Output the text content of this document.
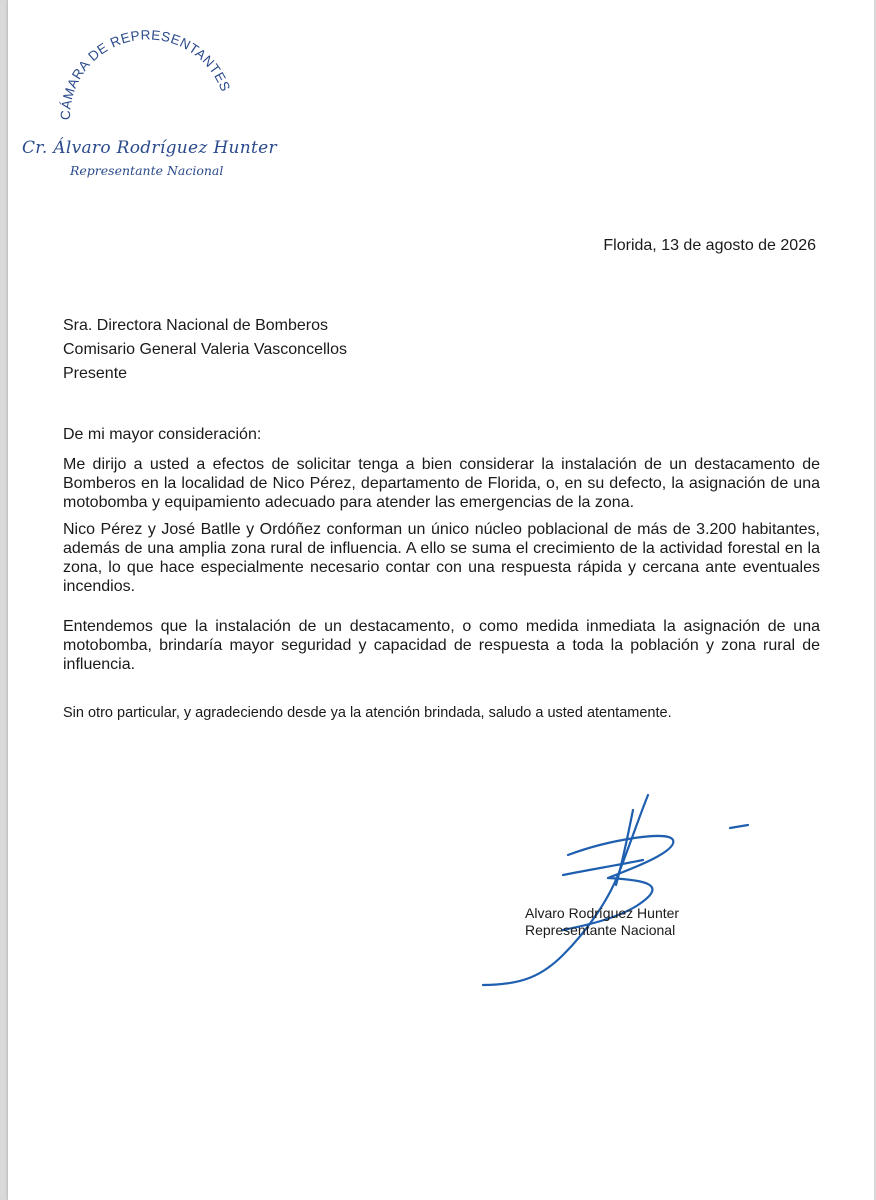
CÁMARA DE REPRESENTANTES
Cr. Álvaro Rodríguez Hunter
Representante Nacional
Florida, 13 de agosto de 2026
Sra. Directora Nacional de Bomberos
Comisario General Valeria Vasconcellos
Presente
De mi mayor consideración:

Me dirijo a usted a efectos de solicitar tenga a bien considerar la instalación de un destacamento de Bomberos en la localidad de Nico Pérez, departamento de Florida, o, en su defecto, la asignación de una motobomba y equipamiento adecuado para atender las emergencias de la zona.

Nico Pérez y José Batlle y Ordóñez conforman un único núcleo poblacional de más de 3.200 habitantes, además de una amplia zona rural de influencia. A ello se suma el crecimiento de la actividad forestal en la zona, lo que hace especialmente necesario contar con una respuesta rápida y cercana ante eventuales incendios.

Entendemos que la instalación de un destacamento, o como medida inmediata la asignación de una motobomba, brindaría mayor seguridad y capacidad de respuesta a toda la población y zona rural de influencia.

Sin otro particular, y agradeciendo desde ya la atención brindada, saludo a usted atentamente.
Alvaro Rodríguez Hunter
Representante Nacional
